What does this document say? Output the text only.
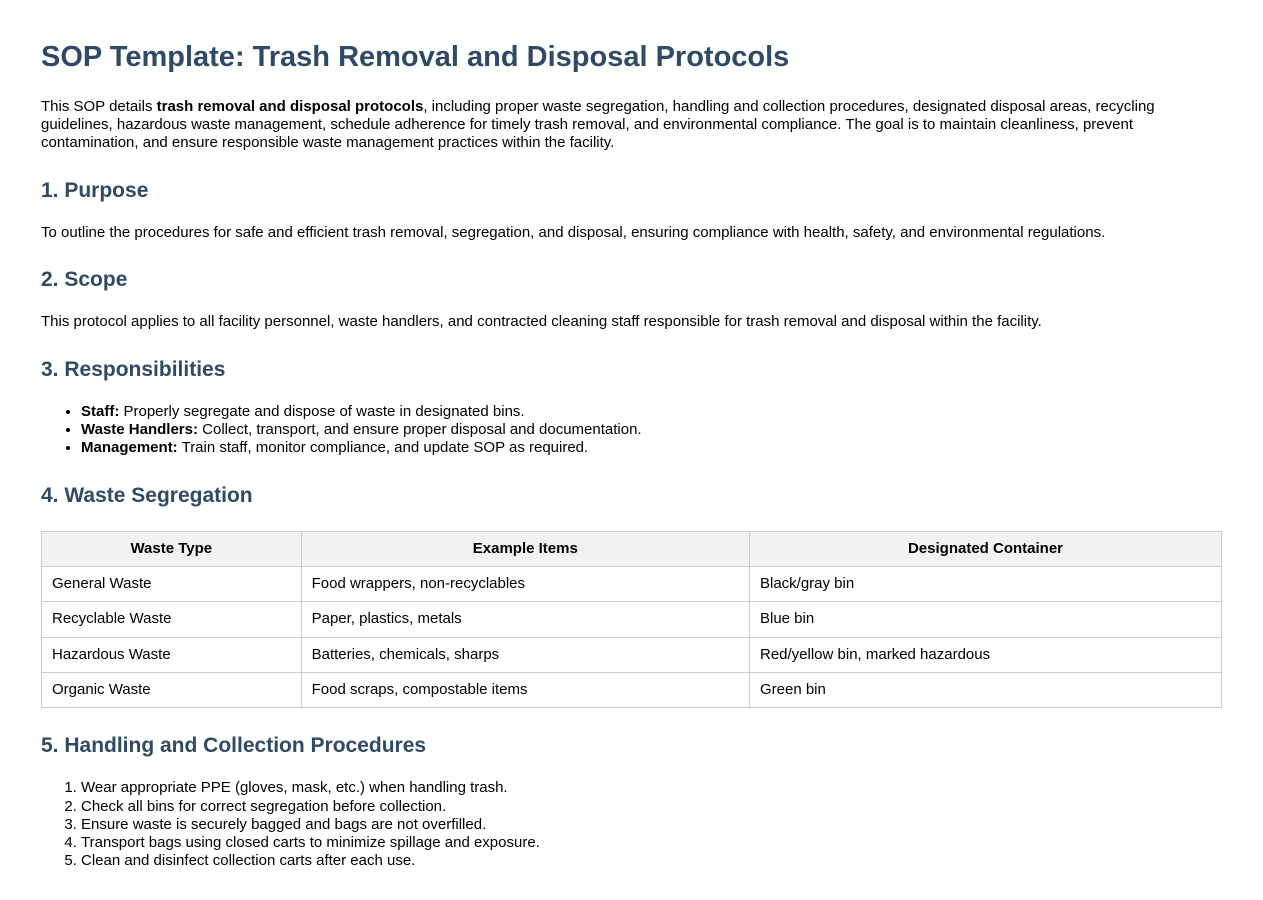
SOP Template: Trash Removal and Disposal Protocols

This SOP details trash removal and disposal protocols, including proper waste segregation, handling and collection procedures, designated disposal areas, recycling guidelines, hazardous waste management, schedule adherence for timely trash removal, and environmental compliance. The goal is to maintain cleanliness, prevent contamination, and ensure responsible waste management practices within the facility.

1. Purpose

To outline the procedures for safe and efficient trash removal, segregation, and disposal, ensuring compliance with health, safety, and environmental regulations.

2. Scope

This protocol applies to all facility personnel, waste handlers, and contracted cleaning staff responsible for trash removal and disposal within the facility.

3. Responsibilities
• Staff: Properly segregate and dispose of waste in designated bins.
• Waste Handlers: Collect, transport, and ensure proper disposal and documentation.
• Management: Train staff, monitor compliance, and update SOP as required.
4. Waste Segregation
Waste Type	Example Items	Designated Container
General Waste	Food wrappers, non-recyclables	Black/gray bin
Recyclable Waste	Paper, plastics, metals	Blue bin
Hazardous Waste	Batteries, chemicals, sharps	Red/yellow bin, marked hazardous
Organic Waste	Food scraps, compostable items	Green bin
5. Handling and Collection Procedures
1. Wear appropriate PPE (gloves, mask, etc.) when handling trash.
2. Check all bins for correct segregation before collection.
3. Ensure waste is securely bagged and bags are not overfilled.
4. Transport bags using closed carts to minimize spillage and exposure.
5. Clean and disinfect collection carts after each use.
